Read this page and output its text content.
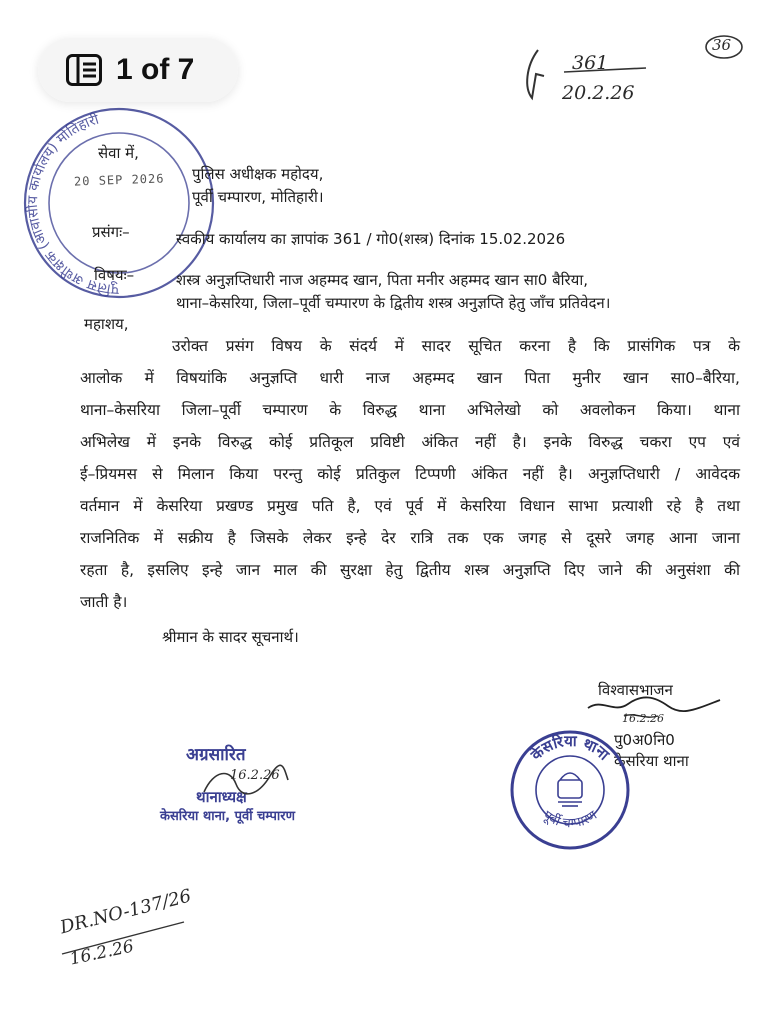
36
361
20.2.26
पुलिस अधीक्षक (आवासीय कार्यालय) मोतिहारी
20 SEP 2026
1 of 7
सेवा में,
पुलिस अधीक्षक महोदय,
पूर्वी चम्पारण, मोतिहारी।
प्रसंगः–	स्वकीय कार्यालय का ज्ञापांक 361 / गो0(शस्त्र) दिनांक 15.02.2026
विषयः–	शस्त्र अनुज्ञप्तिधारी नाज अहम्मद खान, पिता मनीर अहम्मद खान सा0 बैरिया,
थाना–केसरिया, जिला–पूर्वी चम्पारण के द्वितीय शस्त्र अनुज्ञप्ति हेतु जाँच प्रतिवेदन।
महाशय,
उरोक्त प्रसंग विषय के संदर्य में सादर सूचित करना है कि प्रासंगिक पत्र के
आलोक में विषयांकि अनुज्ञप्ति धारी नाज अहम्मद खान पिता मुनीर खान सा0–बैरिया,
थाना–केसरिया जिला–पूर्वी चम्पारण के विरुद्ध थाना अभिलेखो को अवलोकन किया। थाना
अभिलेख में इनके विरुद्ध कोई प्रतिकूल प्रविष्टी अंकित नहीं है। इनके विरुद्ध चकरा एप एवं
ई–प्रियमस से मिलान किया परन्तु कोई प्रतिकुल टिप्पणी अंकित नहीं है। अनुज्ञप्तिधारी / आवेदक
वर्तमान में केसरिया प्रखण्ड प्रमुख पति है, एवं पूर्व में केसरिया विधान साभा प्रत्याशी रहे है तथा
राजनितिक में सक्रीय है जिसके लेकर इन्हे देर रात्रि तक एक जगह से दूसरे जगह आना जाना
रहता है, इसलिए इन्हे जान माल की सुरक्षा हेतु द्वितीय शस्त्र अनुज्ञप्ति दिए जाने की अनुसंशा की
जाती है।
श्रीमान के सादर सूचनार्थ।
विश्वासभाजन
16.2.26
पु0अ0नि0
केसरिया थाना
केसरिया थाना
पूर्वी चम्पारण
अग्रसारित
16.2.26
थानाध्यक्ष
केसरिया थाना, पूर्वी चम्पारण
DR.NO-137/26
16.2.26
